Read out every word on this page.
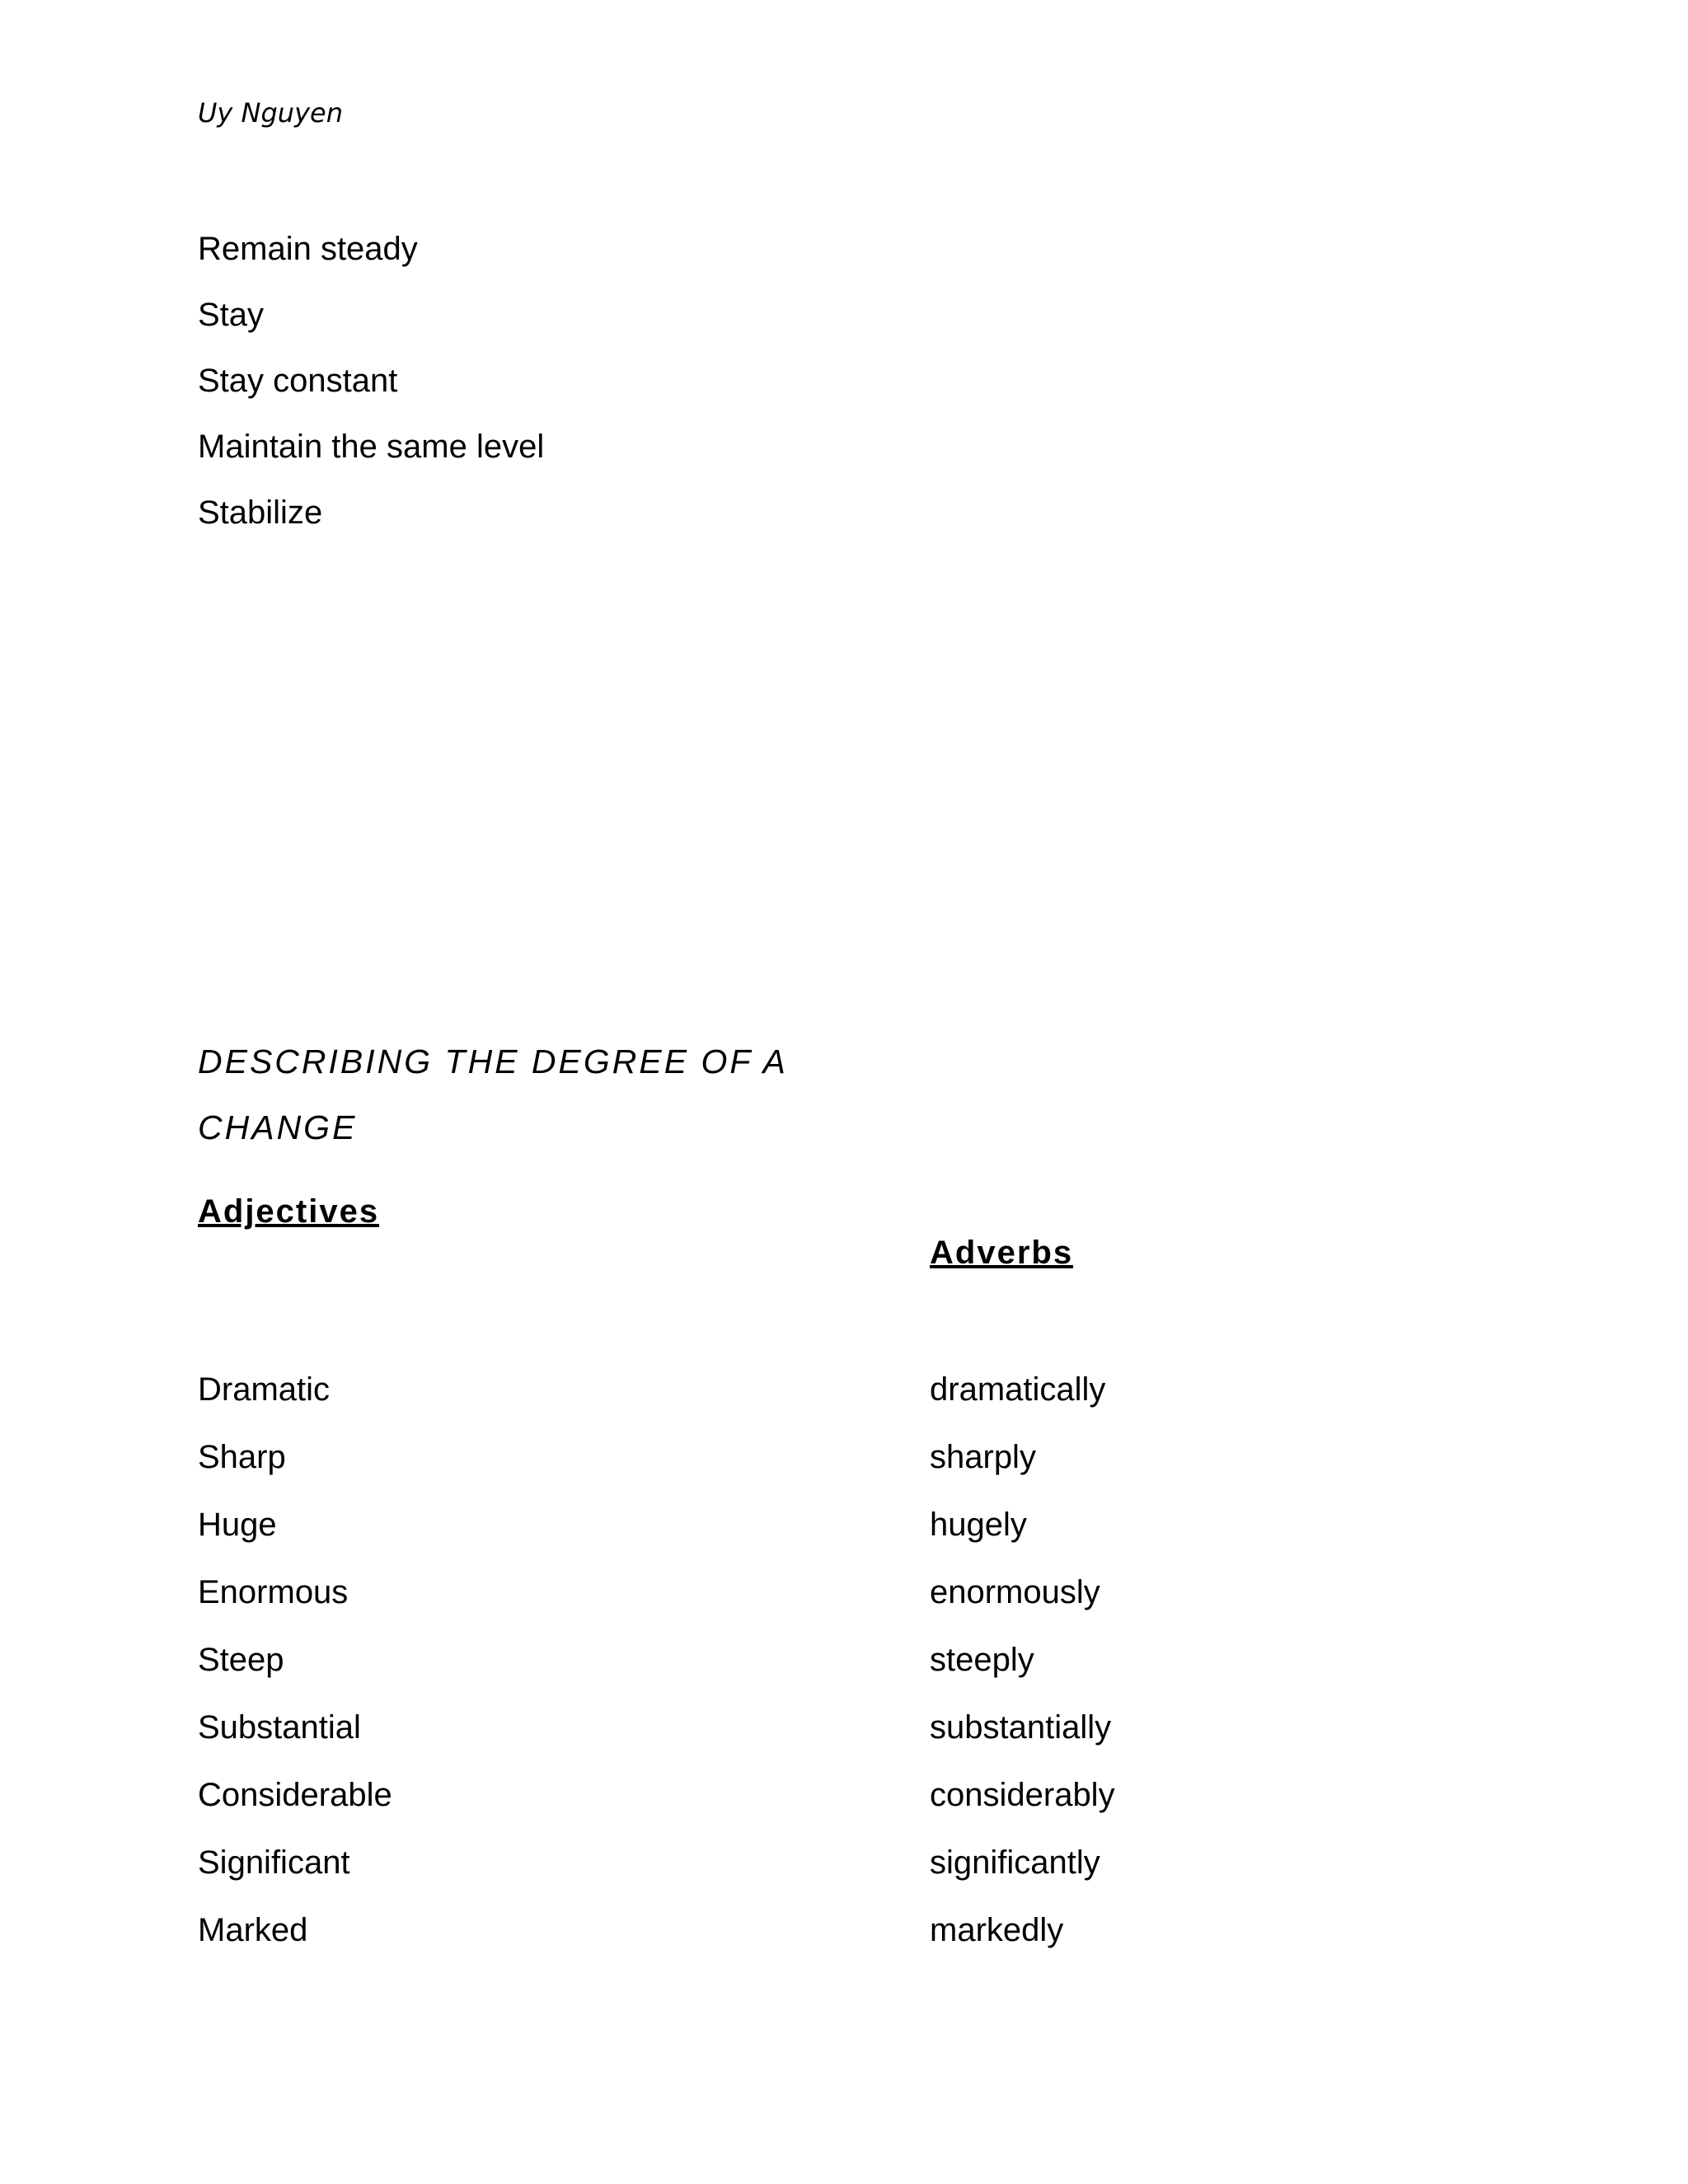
Uy Nguyen
Remain steady
Stay
Stay constant
Maintain the same level
Stabilize
DESCRIBING THE DEGREE OF A
CHANGE
Adjectives
Adverbs
Dramatic
Sharp
Huge
Enormous
Steep
Substantial
Considerable
Significant
Marked
dramatically
sharply
hugely
enormously
steeply
substantially
considerably
significantly
markedly
